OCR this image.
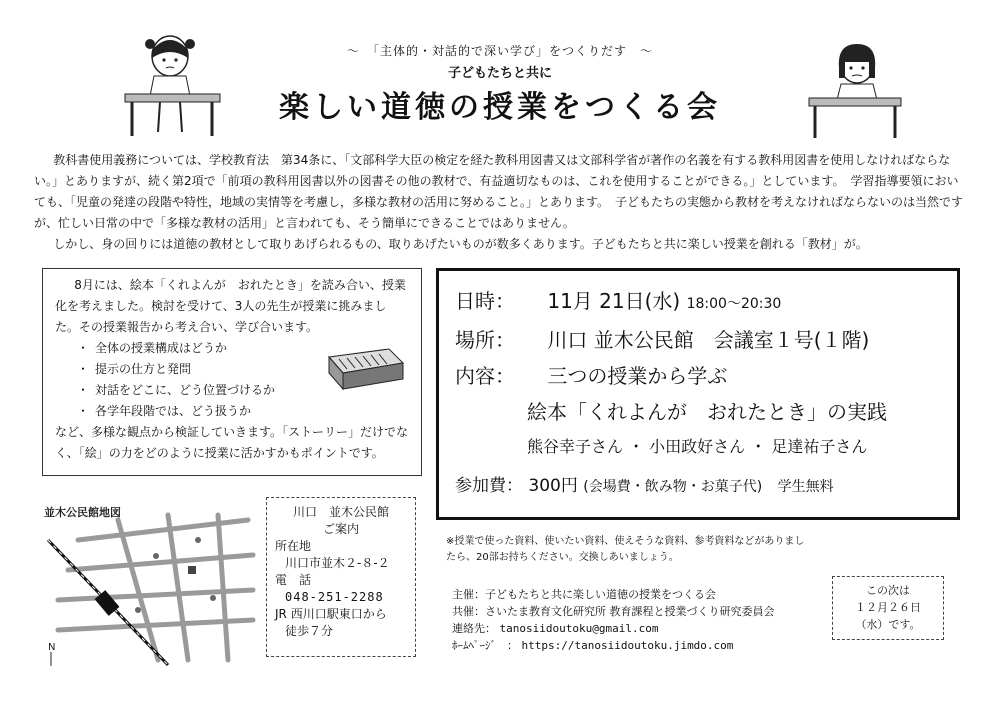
～　「主体的・対話的で深い学び」をつくりだす　～
子どもたちと共に
楽しい道徳の授業をつくる会

教科書使用義務については、学校教育法　第34条に、「文部科学大臣の検定を経た教科用図書又は文部科学省が著作の名義を有する教科用図書を使用しなければならない。」とありますが、続く第2項で「前項の教科用図書以外の図書その他の教材で、有益適切なものは、これを使用することができる。」としています。　学習指導要領においても、「児童の発達の段階や特性，地域の実情等を考慮し，多様な教材の活用に努めること。」とあります。　子どもたちの実態から教材を考えなければならないのは当然ですが、忙しい日常の中で「多様な教材の活用」と言われても、そう簡単にできることではありません。

しかし、身の回りには道徳の教材として取りあげられるもの、取りあげたいものが数多くあります。子どもたちと共に楽しい授業を創れる「教材」が。

8月には、絵本「くれよんが　おれたとき」を読み合い、授業化を考えました。検討を受けて、3人の先生が授業に挑みました。その授業報告から考え合い、学び合います。

・ 全体の授業構成はどうか
・ 提示の仕方と発問
・ 対話をどこに、どう位置づけるか
・ 各学年段階では、どう扱うか

など、多様な観点から検証していきます。「ストーリー」だけでなく、「絵」の力をどのように授業に活かすかもポイントです。

日時： 11月 21日(水) 18:00～20:30
場所： 川口 並木公民館　会議室１号(１階)
内容： 三つの授業から学ぶ
絵本「くれよんが　おれたとき」の実践
熊谷幸子さん ・ 小田政好さん ・ 足達祐子さん
参加費： 300円 (会場費・飲み物・お菓子代) 学生無料
並木公民館地図
N
川口　並木公民館
ご案内
所在地
川口市並木２-８-２
電　話
048-251-2288
JR 西川口駅東口から
徒歩７分
※授業で使った資料、使いたい資料、使えそうな資料、参考資料などがありましたら、20部お持ちください。交換しあいましょう。
主催：子どもたちと共に楽しい道徳の授業をつくる会
共催：さいたま教育文化研究所 教育課程と授業づくり研究委員会
連絡先： tanosiidoutoku@gmail.com
ﾎｰﾑﾍﾟｰｼﾞ　： https://tanosiidoutoku.jimdo.com
この次は
１２月２６日
（水）です。
